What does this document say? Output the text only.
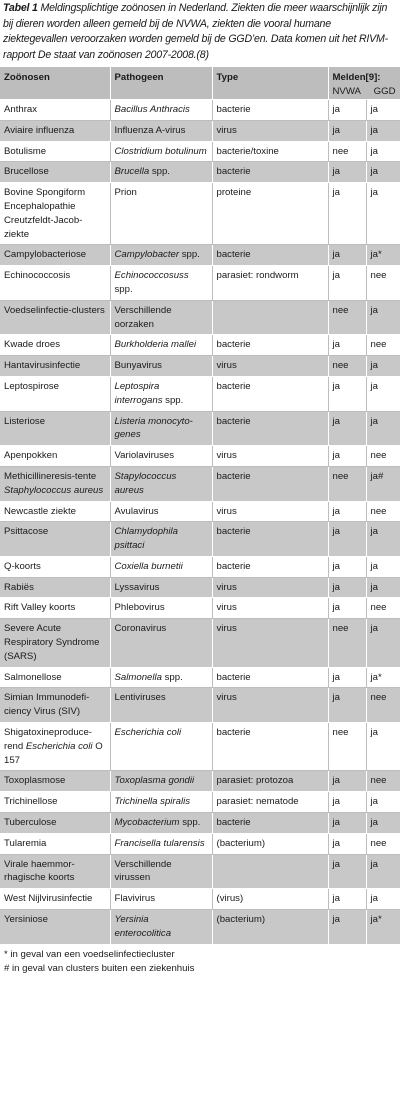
Tabel 1 Meldingsplichtige zoönosen in Nederland. Ziekten die meer waarschijnlijk zijn bij dieren worden alleen gemeld bij de NVWA, ziekten die vooral humane ziektegevallen veroorzaken worden gemeld bij de GGD’en. Data komen uit het RIVM-rapport De staat van zoönosen 2007-2008.(8)
Zoönosen	Pathogeen	Type	Melden[9]:
NVWA GGD	

Anthrax	Bacillus Anthracis	bacterie	ja	ja
Aviaire influenza	Influenza A-virus	virus	ja	ja
Botulisme	Clostridium botulinum	bacterie/toxine	nee	ja
Brucellose	Brucella spp.	bacterie	ja	ja
Bovine Spongiform Encephalopathie Creutzfeldt-Jacob-ziekte	Prion	proteine	ja	ja
Campylobacteriose	Campylobacter spp.	bacterie	ja	ja*
Echinococcosis	Echinococcosuss spp.	parasiet: rondworm	ja	nee
Voedselinfectie-clusters	Verschillende oorzaken		nee	ja
Kwade droes	Burkholderia mallei	bacterie	ja	nee
Hantavirusinfectie	Bunyavirus	virus	nee	ja
Leptospirose	Leptospira interrogans spp.	bacterie	ja	ja
Listeriose	Listeria monocyto-genes	bacterie	ja	ja
Apenpokken	Variolaviruses	virus	ja	nee
Methicillineresis-tente Staphylococcus aureus	Stapylococcus aureus	bacterie	nee	ja#
Newcastle ziekte	Avulavirus	virus	ja	nee
Psittacose	Chlamydophila psittaci	bacterie	ja	ja
Q-koorts	Coxiella burnetii	bacterie	ja	ja
Rabiës	Lyssavirus	virus	ja	ja
Rift Valley koorts	Phlebovirus	virus	ja	nee
Severe Acute Respiratory Syndrome (SARS)	Coronavirus	virus	nee	ja
Salmonellose	Salmonella spp.	bacterie	ja	ja*
Simian Immunodefi-ciency Virus (SIV)	Lentiviruses	virus	ja	nee
Shigatoxineproduce-rend Escherichia coli O 157	Escherichia coli	bacterie	nee	ja
Toxoplasmose	Toxoplasma gondii	parasiet: protozoa	ja	nee
Trichinellose	Trichinella spiralis	parasiet: nematode	ja	ja
Tuberculose	Mycobacterium spp.	bacterie	ja	ja
Tularemia	Francisella tularensis	(bacterium)	ja	nee
Virale haemmor-rhagische koorts	Verschillende virussen		ja	ja
West Nijlvirusinfectie	Flavivirus	(virus)	ja	ja
Yersiniose	Yersinia enterocolitica	(bacterium)	ja	ja*
* in geval van een voedselinfectiecluster
# in geval van clusters buiten een ziekenhuis
